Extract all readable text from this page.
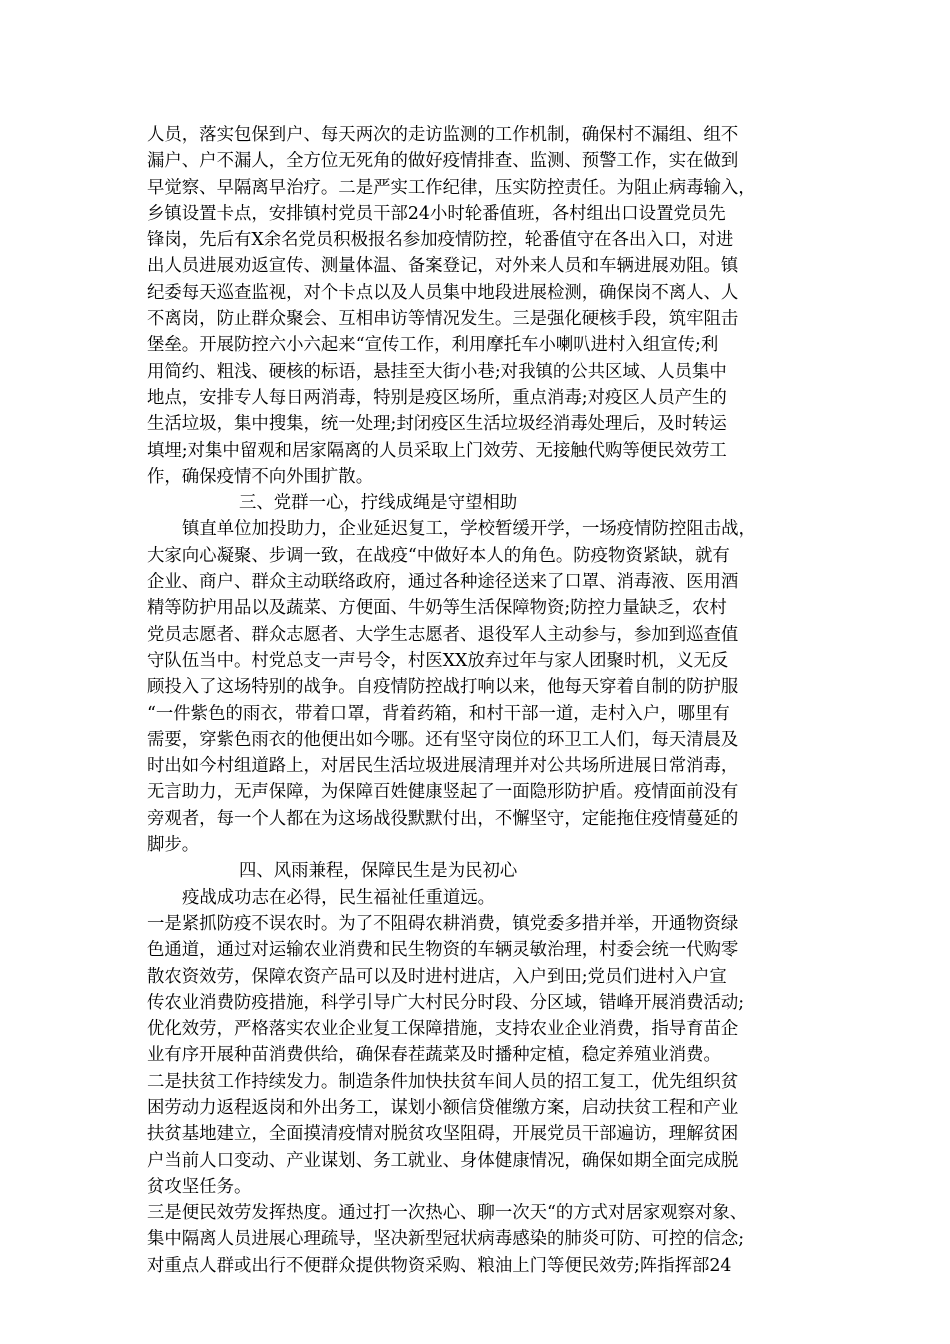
人员，落实包保到户、每天两次的走访监测的工作机制，确保村不漏组、组不
漏户、户不漏人，全方位无死角的做好疫情排查、监测、预警工作，实在做到
早觉察、早隔离早治疗。二是严实工作纪律，压实防控责任。为阻止病毒输入，
乡镇设置卡点，安排镇村党员干部24小时轮番值班，各村组出口设置党员先
锋岗，先后有X余名党员积极报名参加疫情防控，轮番值守在各出入口，对进
出人员进展劝返宣传、测量体温、备案登记，对外来人员和车辆进展劝阻。镇
纪委每天巡查监视，对个卡点以及人员集中地段进展检测，确保岗不离人、人
不离岗，防止群众聚会、互相串访等情况发生。三是强化硬核手段，筑牢阻击
堡垒。开展防控六小六起来“宣传工作，利用摩托车小喇叭进村入组宣传;利
用简约、粗浅、硬核的标语，悬挂至大街小巷;对我镇的公共区域、人员集中
地点，安排专人每日两消毒，特别是疫区场所，重点消毒;对疫区人员产生的
生活垃圾，集中搜集，统一处理;封闭疫区生活垃圾经消毒处理后，及时转运
填埋;对集中留观和居家隔离的人员采取上门效劳、无接触代购等便民效劳工
作，确保疫情不向外围扩散。
三、党群一心，拧线成绳是守望相助
镇直单位加投助力，企业延迟复工，学校暂缓开学，一场疫情防控阻击战，
大家向心凝聚、步调一致，在战疫“中做好本人的角色。防疫物资紧缺，就有
企业、商户、群众主动联络政府，通过各种途径送来了口罩、消毒液、医用酒
精等防护用品以及蔬菜、方便面、牛奶等生活保障物资;防控力量缺乏，农村
党员志愿者、群众志愿者、大学生志愿者、退役军人主动参与，参加到巡查值
守队伍当中。村党总支一声号令，村医XX放弃过年与家人团聚时机，义无反
顾投入了这场特别的战争。自疫情防控战打响以来，他每天穿着自制的防护服
“一件紫色的雨衣，带着口罩，背着药箱，和村干部一道，走村入户，哪里有
需要，穿紫色雨衣的他便出如今哪。还有坚守岗位的环卫工人们，每天清晨及
时出如今村组道路上，对居民生活垃圾进展清理并对公共场所进展日常消毒，
无言助力，无声保障，为保障百姓健康竖起了一面隐形防护盾。疫情面前没有
旁观者，每一个人都在为这场战役默默付出，不懈坚守，定能拖住疫情蔓延的
脚步。
四、风雨兼程，保障民生是为民初心
疫战成功志在必得，民生福祉任重道远。
一是紧抓防疫不误农时。为了不阻碍农耕消费，镇党委多措并举，开通物资绿
色通道，通过对运输农业消费和民生物资的车辆灵敏治理，村委会统一代购零
散农资效劳，保障农资产品可以及时进村进店，入户到田;党员们进村入户宣
传农业消费防疫措施，科学引导广大村民分时段、分区域，错峰开展消费活动;
优化效劳，严格落实农业企业复工保障措施，支持农业企业消费，指导育苗企
业有序开展种苗消费供给，确保春茬蔬菜及时播种定植，稳定养殖业消费。
二是扶贫工作持续发力。制造条件加快扶贫车间人员的招工复工，优先组织贫
困劳动力返程返岗和外出务工，谋划小额信贷催缴方案，启动扶贫工程和产业
扶贫基地建立，全面摸清疫情对脱贫攻坚阻碍，开展党员干部遍访，理解贫困
户当前人口变动、产业谋划、务工就业、身体健康情况，确保如期全面完成脱
贫攻坚任务。
三是便民效劳发挥热度。通过打一次热心、聊一次天“的方式对居家观察对象、
集中隔离人员进展心理疏导，坚决新型冠状病毒感染的肺炎可防、可控的信念;
对重点人群或出行不便群众提供物资采购、粮油上门等便民效劳;阵指挥部24
